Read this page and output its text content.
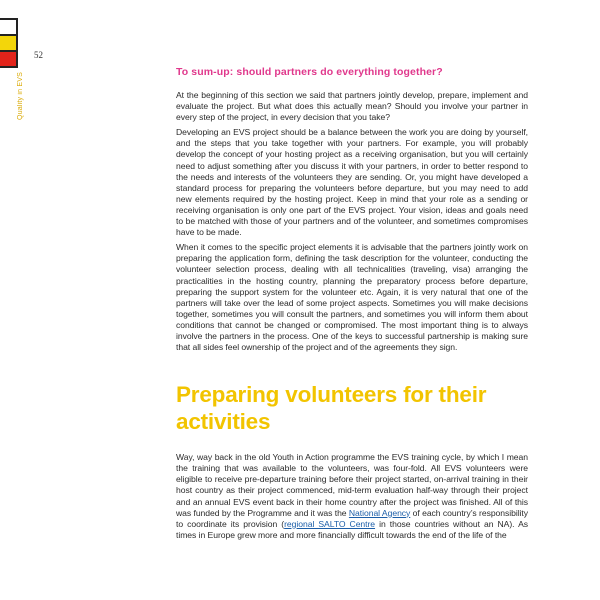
52
Quality in EVS	To sum-up: should partners do everything together?

At the beginning of this section we said that partners jointly develop, prepare, implement and evaluate the project. But what does this actually mean? Should you involve your partner in every step of the project, in every decision that you take?

Developing an EVS project should be a balance between the work you are doing by yourself, and the steps that you take together with your partners. For example, you will probably develop the concept of your hosting project as a receiving organisation, but you will certainly need to adjust something after you discuss it with your partners, in order to better respond to the needs and interests of the volunteers they are sending. Or, you might have developed a standard process for preparing the volunteers before departure, but you may need to add new elements required by the hosting project. Keep in mind that your role as a sending or receiving organisation is only one part of the EVS project. Your vision, ideas and goals need to be matched with those of your partners and of the volunteer, and sometimes compromises have to be made.

When it comes to the specific project elements it is advisable that the partners jointly work on preparing the application form, defining the task description for the volunteer, conducting the volunteer selection process, dealing with all technicalities (traveling, visa) arranging the practicalities in the hosting country, planning the preparatory process before departure, preparing the support system for the volunteer etc. Again, it is very natural that one of the partners will take over the lead of some project aspects. Sometimes you will make decisions together, sometimes you will consult the partners, and sometimes you will inform them about conditions that cannot be changed or compromised. The most important thing is to always involve the partners in the process. One of the keys to successful partnership is making sure that all sides feel ownership of the project and of the agreements they sign.

Preparing volunteers for their activities

Way, way back in the old Youth in Action programme the EVS training cycle, by which I mean the training that was available to the volunteers, was four-fold. All EVS volunteers were eligible to receive pre-departure training before their project started, on-arrival training in their host country as their project commenced, mid-term evaluation half-way through their project and an annual EVS event back in their home country after the project was finished. All of this was funded by the Programme and it was the National Agency of each country’s responsibility to coordinate its provision (regional SALTO Centre in those countries without an NA). As times in Europe grew more and more financially difficult towards the end of the life of the
